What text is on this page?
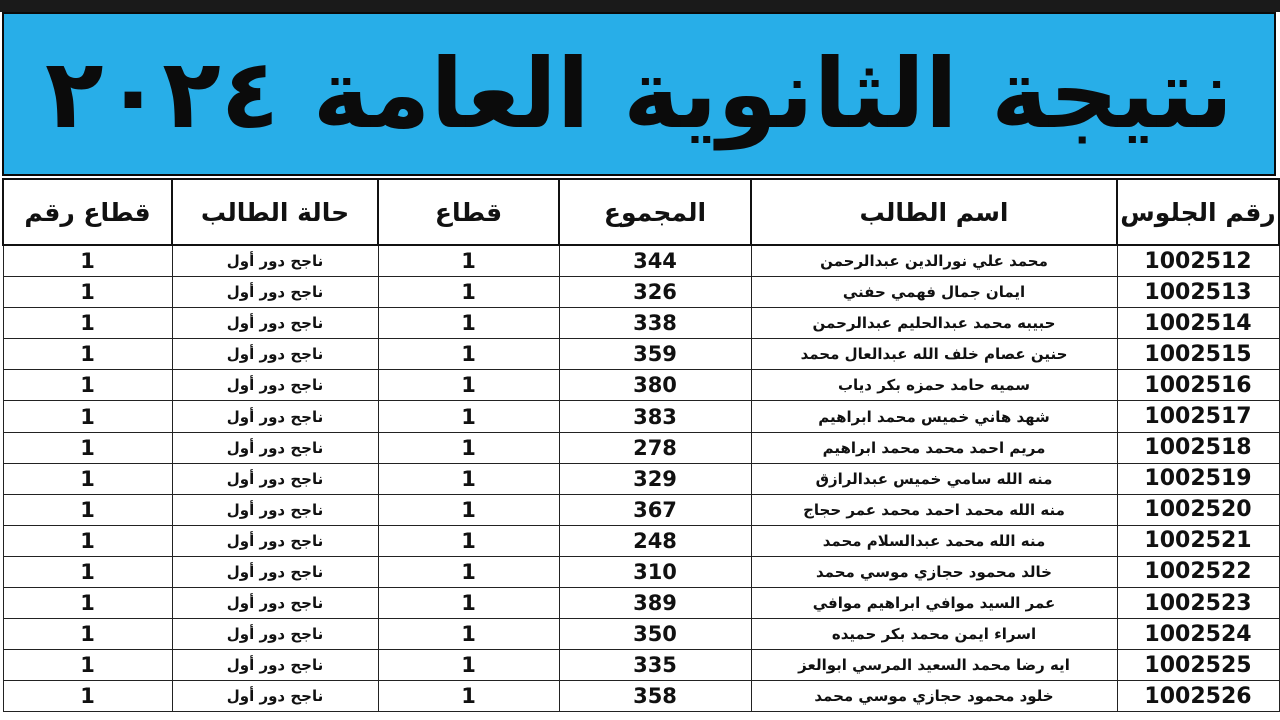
نتيجة الثانوية العامة ٢٠٢٤
رقم الجلوس	اسم الطالب	المجموع	قطاع	حالة الطالب	قطاع رقم
1002512	محمد علي نورالدين عبدالرحمن	344	1	ناجح دور أول	1
1002513	ايمان جمال فهمي حفني	326	1	ناجح دور أول	1
1002514	حبيبه محمد عبدالحليم عبدالرحمن	338	1	ناجح دور أول	1
1002515	حنين عصام خلف الله عبدالعال محمد	359	1	ناجح دور أول	1
1002516	سميه حامد حمزه بكر دياب	380	1	ناجح دور أول	1
1002517	شهد هاني خميس محمد ابراهيم	383	1	ناجح دور أول	1
1002518	مريم احمد محمد محمد ابراهيم	278	1	ناجح دور أول	1
1002519	منه الله سامي خميس عبدالرازق	329	1	ناجح دور أول	1
1002520	منه الله محمد احمد محمد عمر حجاج	367	1	ناجح دور أول	1
1002521	منه الله محمد عبدالسلام محمد	248	1	ناجح دور أول	1
1002522	خالد محمود حجازي موسي محمد	310	1	ناجح دور أول	1
1002523	عمر السيد موافي ابراهيم موافي	389	1	ناجح دور أول	1
1002524	اسراء ايمن محمد بكر حميده	350	1	ناجح دور أول	1
1002525	ايه رضا محمد السعيد المرسي ابوالعز	335	1	ناجح دور أول	1
1002526	خلود محمود حجازي موسي محمد	358	1	ناجح دور أول	1
